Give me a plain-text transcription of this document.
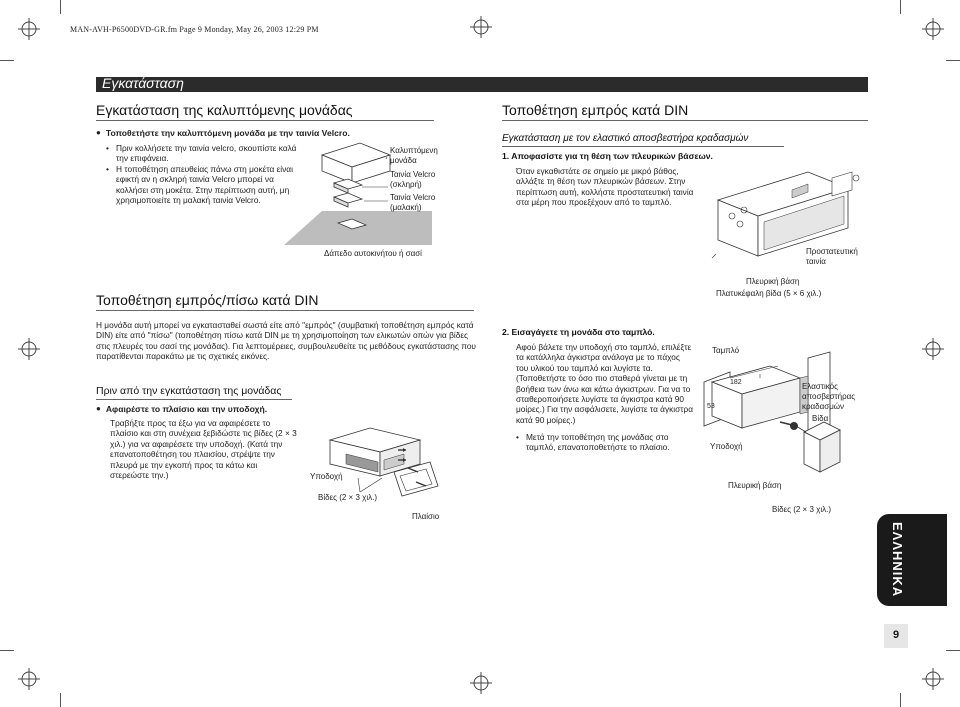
MAN-AVH-P6500DVD-GR.fm Page 9 Monday, May 26, 2003 12:29 PM
Εγκατάσταση
Εγκατάσταση της καλυπτόμενης μονάδας
● Τοποθετήστε την καλυπτόμενη μονάδα με την ταινία Velcro.
• Πριν κολλήσετε την ταινία velcro, σκουπίστε καλά την επιφάνεια.
• Η τοποθέτηση απευθείας πάνω στη μοκέτα είναι εφικτή αν η σκληρή ταινία Velcro μπορεί να κολλήσει στη μοκέτα. Στην περίπτωση αυτή, μη χρησιμοποιείτε τη μαλακή ταινία Velcro.
Καλυπτόμενη
μονάδα
Ταινία Velcro
(σκληρή)
Ταινία Velcro
(μαλακή)
Δάπεδο αυτοκινήτου ή σασί
Τοποθέτηση εμπρός/πίσω κατά DIN
Η μονάδα αυτή μπορεί να εγκατασταθεί σωστά είτε από "εμπρός" (συμβατική τοποθέτηση εμπρός κατά DIN) είτε από "πίσω" (τοποθέτηση πίσω κατά DIN με τη χρησιμοποίηση των ελικωτών οπών για βίδες στις πλευρές του σασί της μονάδας). Για λεπτομέρειες, συμβουλευθείτε τις μεθόδους εγκατάστασης που παρατίθενται παρακάτω με τις σχετικές εικόνες.
Πριν από την εγκατάσταση της μονάδας
● Αφαιρέστε το πλαίσιο και την υποδοχή.
Τραβήξτε προς τα έξω για να αφαιρέσετε το πλαίσιο και στη συνέχεια ξεβιδώστε τις βίδες (2 × 3 χιλ.) για να αφαιρέσετε την υποδοχή. (Κατά την επανατοποθέτηση του πλαισίου, στρέψτε την πλευρά με την εγκοπή προς τα κάτω και στερεώστε την.)	Υποδοχή
Βίδες (2 × 3 χιλ.)
Πλαίσιο
Τοποθέτηση εμπρός κατά DIN
Εγκατάσταση με τον ελαστικό αποσβεστήρα κραδασμών
1. Αποφασίστε για τη θέση των πλευρικών βάσεων.
Όταν εγκαθιστάτε σε σημείο με μικρό βάθος, αλλάξτε τη θέση των πλευρικών βάσεων. Στην περίπτωση αυτή, κολλήστε προστατευτική ταινία στα μέρη που προεξέχουν από το ταμπλό.
Προστατευτική
ταινία
Πλευρική βάση
Πλατυκέφαλη βίδα (5 × 6 χιλ.)
2. Εισαγάγετε τη μονάδα στο ταμπλό.
Αφού βάλετε την υποδοχή στο ταμπλό, επιλέξτε τα κατάλληλα άγκιστρα ανάλογα με το πάχος του υλικού του ταμπλό και λυγίστε τα. (Τοποθετήστε το όσο πιο σταθερά γίνεται με τη βοήθεια των άνω και κάτω άγκιστρων. Για να το σταθεροποιήσετε λυγίστε τα άγκιστρα κατά 90 μοίρες.) Για την ασφάλισετε, λυγίστε τα άγκιστρα κατά 90 μοίρες.)
• Μετά την τοποθέτηση της μονάδας στο ταμπλό, επανατοποθετήστε το πλαίσιο.
Ταμπλό
182
53
Ελαστικός
αποσβεστήρας
κραδασμών
Βίδα
Υποδοχή
Πλευρική βάση
Βίδες (2 × 3 χιλ.)
ΕΛΛΗΝΙΚΑ
9
